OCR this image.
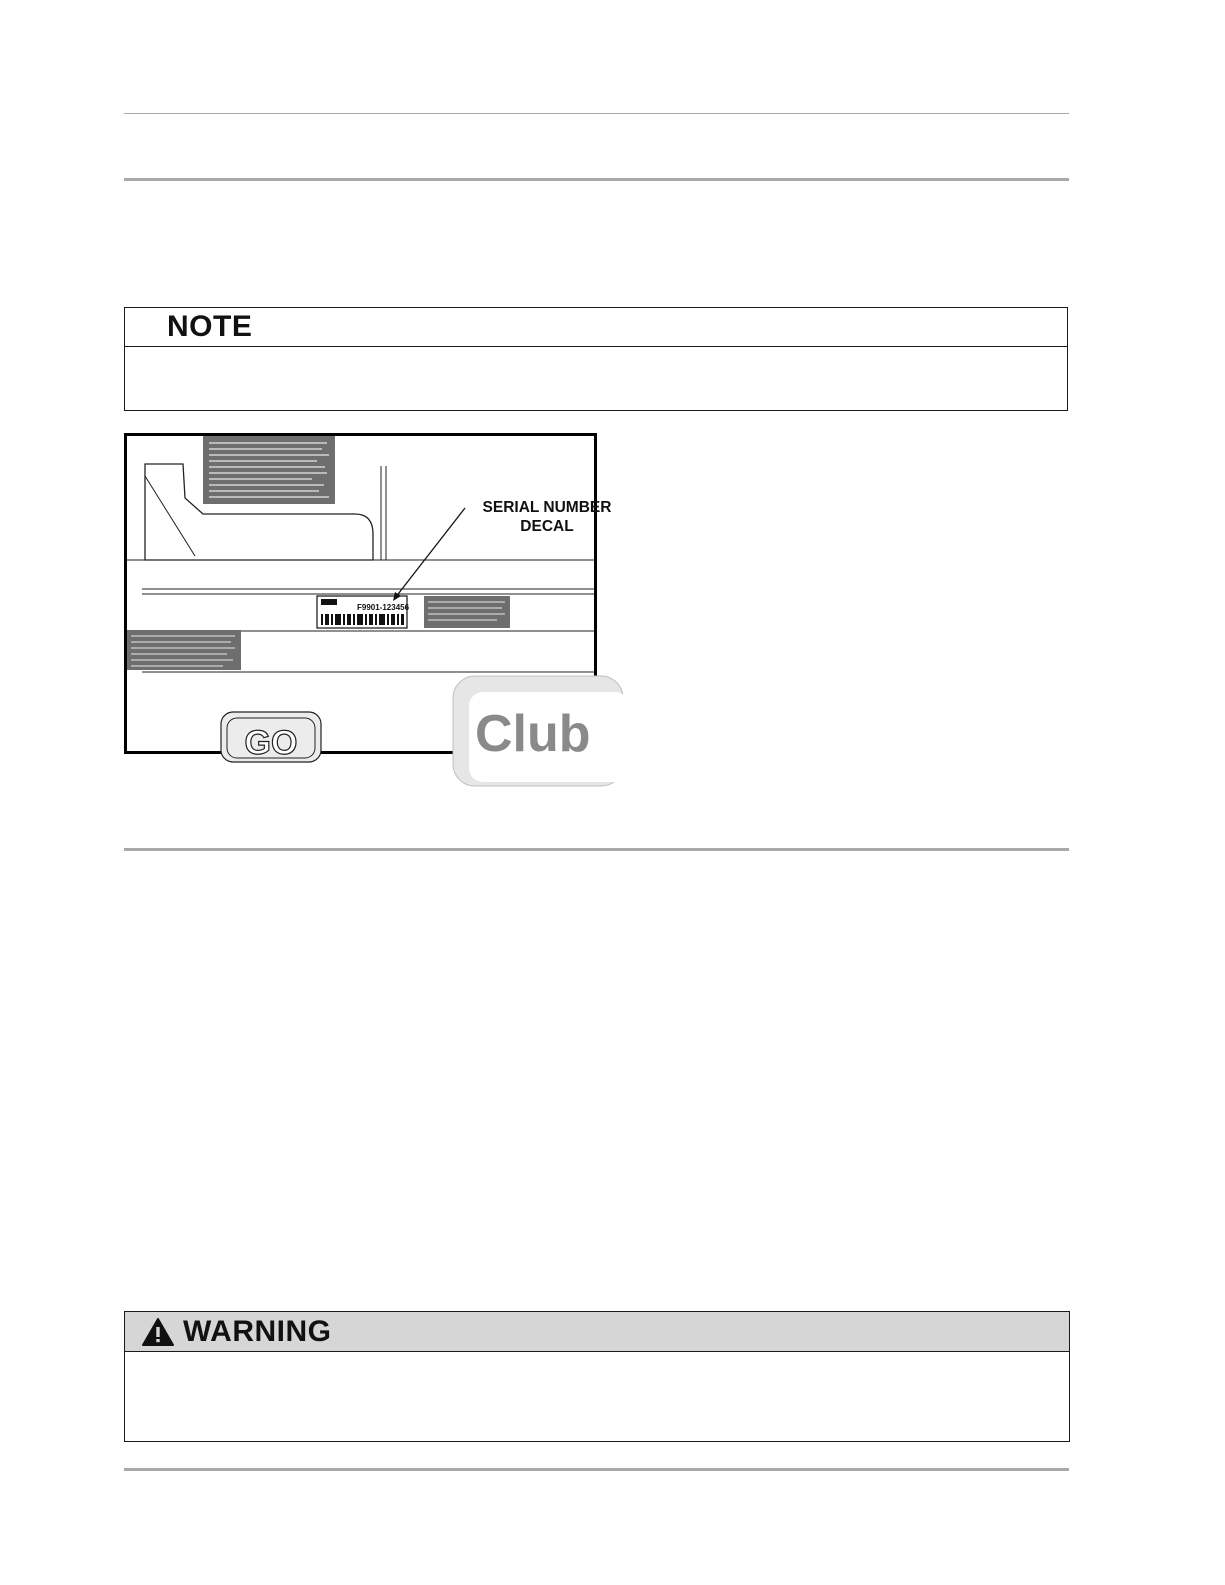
NOTE
F9901-123456
GO	Club
SERIAL NUMBER
DECAL
WARNING
